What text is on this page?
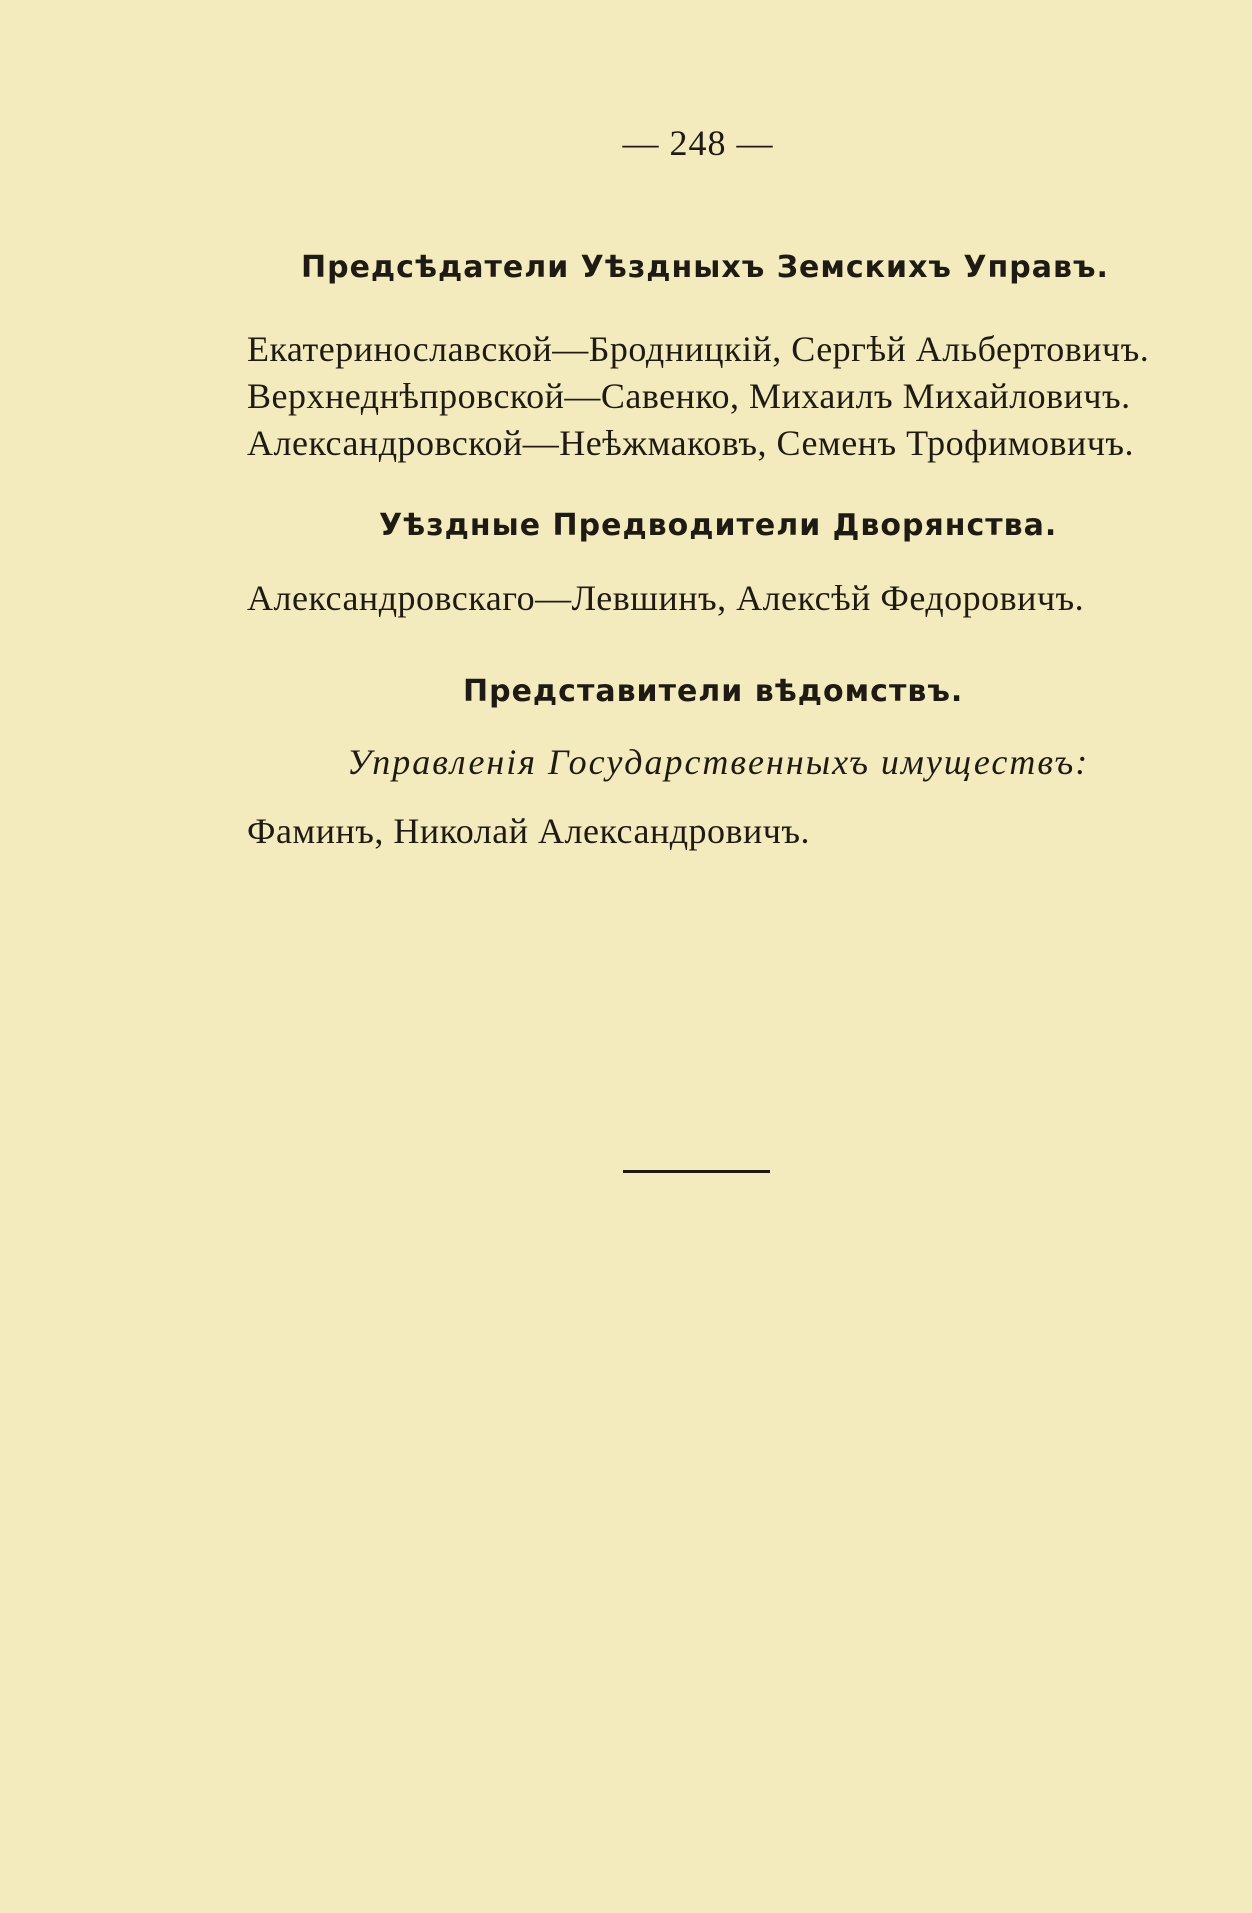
— 248 —
Предсѣдатели Уѣздныхъ Земскихъ Управъ.
Екатеринославской—Бродницкій, Сергѣй Альбертовичъ.
Верхнеднѣпровской—Савенко, Михаилъ Михайловичъ.
Александровской—Неѣжмаковъ, Семенъ Трофимовичъ.
Уѣздные Предводители Дворянства.
Александровскаго—Левшинъ, Алексѣй Федоровичъ.
Представители вѣдомствъ.
Управленія Государственныхъ имуществъ:
Фаминъ, Николай Александровичъ.
